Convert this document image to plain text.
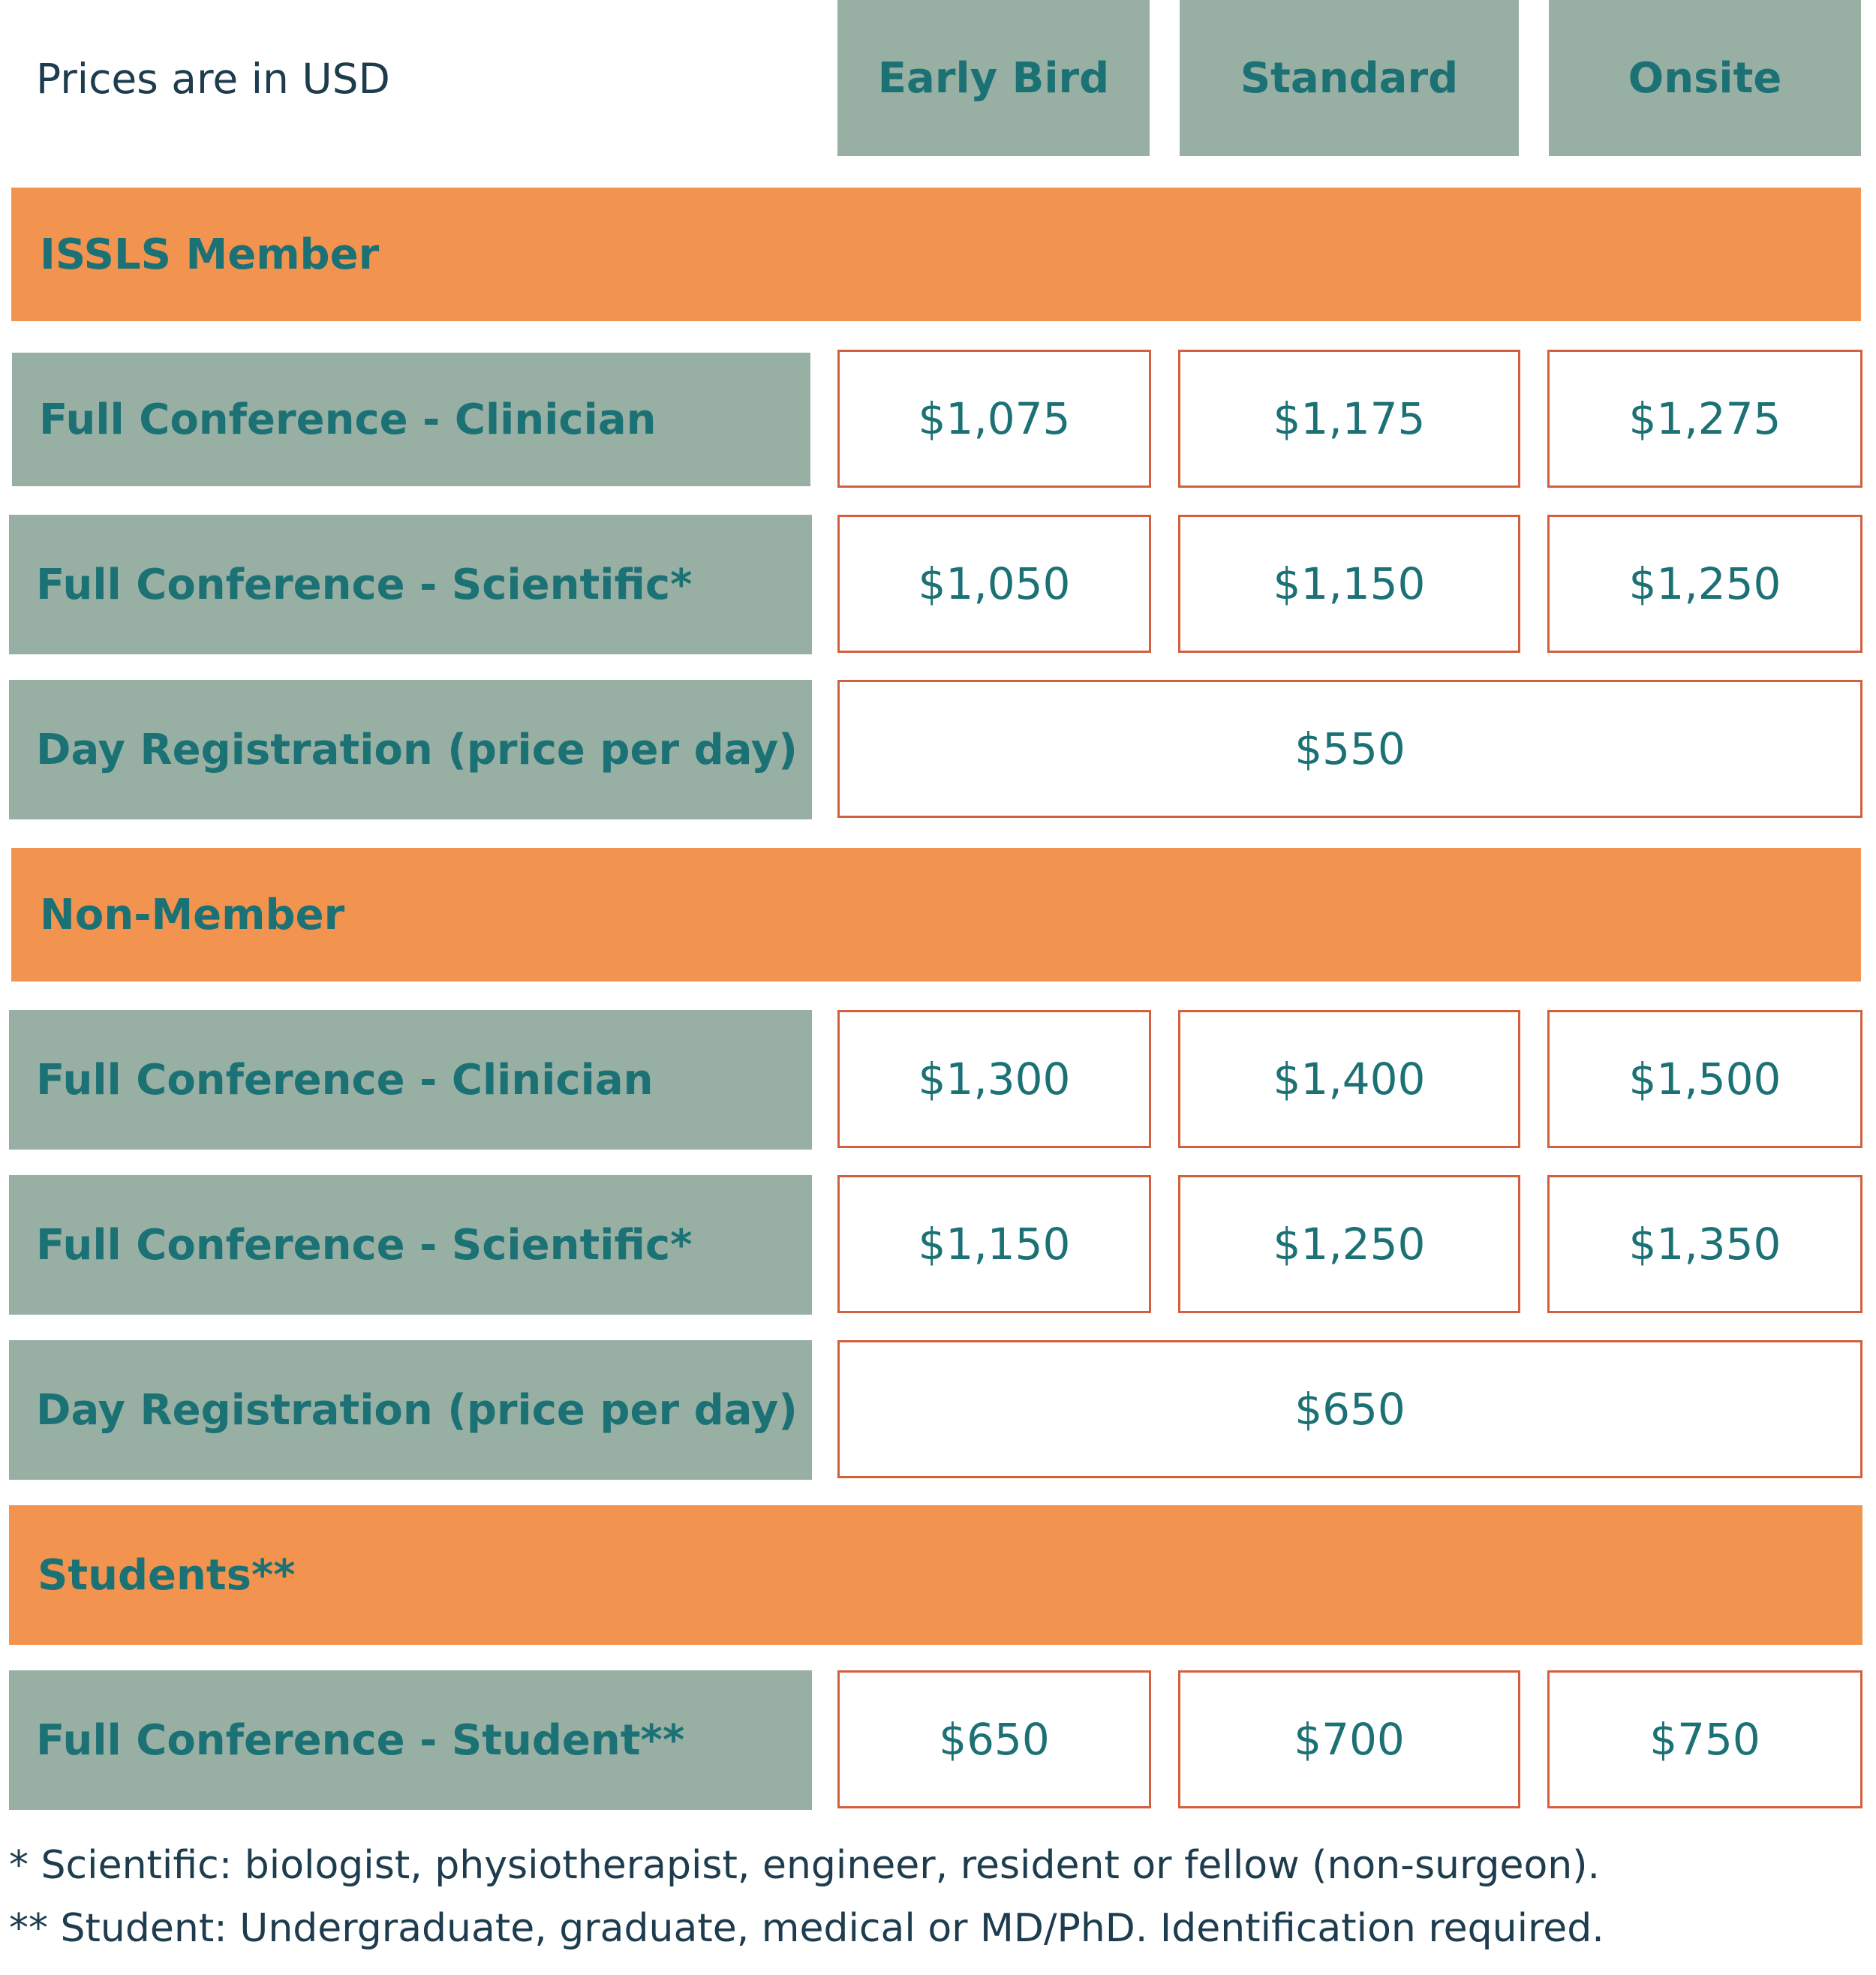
Prices are in USD	Early Bird	Standard	Onsite
ISSLS Member
Full Conference - Clinician	$1,075	$1,175	$1,275
Full Conference - Scientific*	$1,050	$1,150	$1,250
Day Registration (price per day)	$550
Non-Member
Full Conference - Clinician	$1,300	$1,400	$1,500
Full Conference - Scientific*	$1,150	$1,250	$1,350
Day Registration (price per day)	$650
Students**
Full Conference - Student**	$650	$700	$750
* Scientific: biologist, physiotherapist, engineer, resident or fellow (non-surgeon).
** Student: Undergraduate, graduate, medical or MD/PhD. Identification required.
